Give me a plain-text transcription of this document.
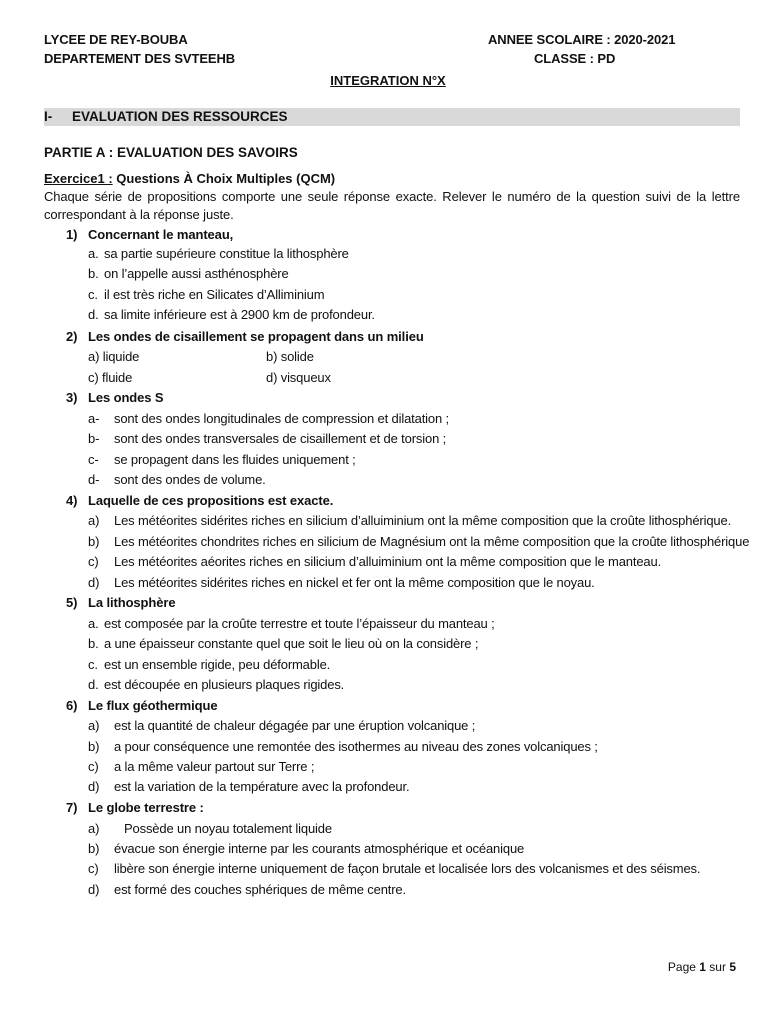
LYCEE DE REY-BOUBA
DEPARTEMENT DES SVTEEHB
ANNEE SCOLAIRE : 2020-2021
CLASSE : PD
INTEGRATION N°X
I- EVALUATION DES RESSOURCES
PARTIE A : EVALUATION DES SAVOIRS
Exercice1 : Questions À Choix Multiples (QCM)
Chaque série de propositions comporte une seule réponse exacte. Relever le numéro de la question suivi de la lettre correspondant à la réponse juste.
1) Concernant le manteau,
a. sa partie supérieure constitue la lithosphère
b. on l’appelle aussi asthénosphère
c. il est très riche en Silicates d’Alliminium
d. sa limite inférieure est à 2900 km de profondeur.
2) Les ondes de cisaillement se propagent dans un milieu
a) liquide	b) solide
c) fluide	d) visqueux
3) Les ondes S
a- sont des ondes longitudinales de compression et dilatation ;
b- sont des ondes transversales de cisaillement et de torsion ;
c- se propagent dans les fluides uniquement ;
d- sont des ondes de volume.
4) Laquelle de ces propositions est exacte.
a) Les météorites sidérites riches en silicium d’alluiminium ont la même composition que la croûte lithosphérique.
b) Les météorites chondrites riches en silicium de Magnésium ont la même composition que la croûte lithosphérique
c) Les météorites aéorites riches en silicium d’alluiminium ont la même composition que le manteau.
d) Les météorites sidérites riches en nickel et fer ont la même composition que le noyau.
5) La lithosphère
a. est composée par la croûte terrestre et toute l’épaisseur du manteau ;
b. a une épaisseur constante quel que soit le lieu où on la considère ;
c. est un ensemble rigide, peu déformable.
d. est découpée en plusieurs plaques rigides.
6) Le flux géothermique
a) est la quantité de chaleur dégagée par une éruption volcanique ;
b) a pour conséquence une remontée des isothermes au niveau des zones volcaniques ;
c) a la même valeur partout sur Terre ;
d) est la variation de la température avec la profondeur.
7) Le globe terrestre :
a) Possède un noyau totalement liquide
b) évacue son énergie interne par les courants atmosphérique et océanique
c) libère son énergie interne uniquement de façon brutale et localisée lors des volcanismes et des séismes.
d) est formé des couches sphériques de même centre.
Page 1 sur 5
